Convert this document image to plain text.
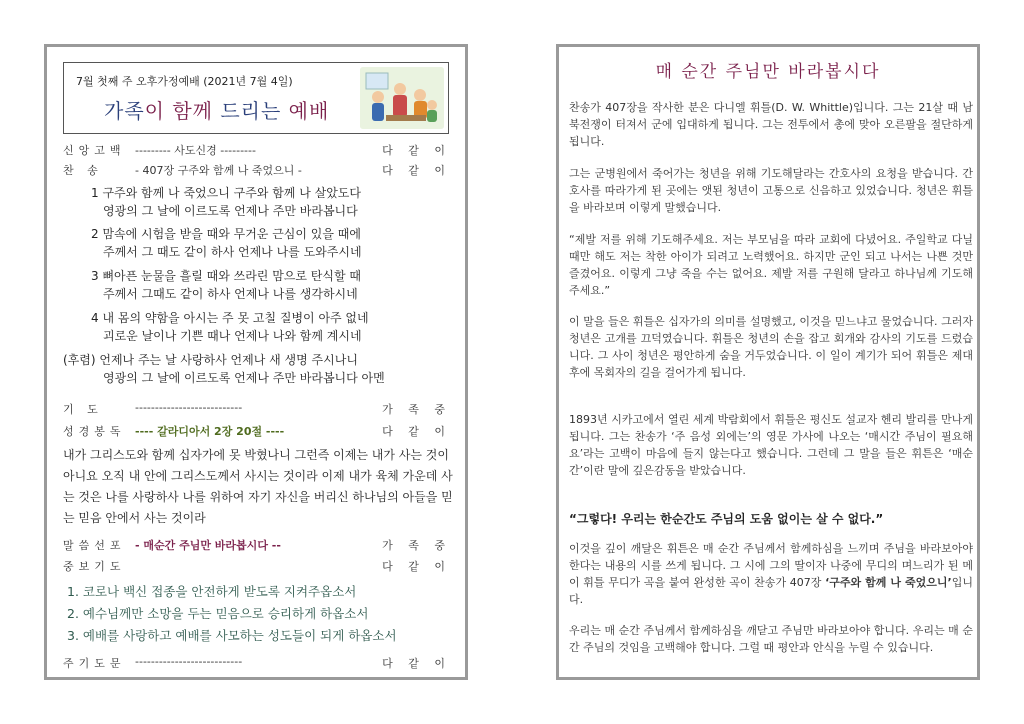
7월 첫째 주 오후가정예배 (2021년 7월 4일)
가족이 함께 드리는 예배
신앙고백 --------- 사도신경 ---------	다 같 이
찬 송	- 407장 구주와 함께 나 죽었으니 -	다 같 이
1 구주와 함께 나 죽었으니 구주와 함께 나 살았도다
영광의 그 날에 이르도록 언제나 주만 바라봅니다
2 맘속에 시험을 받을 때와 무거운 근심이 있을 때에
주께서 그 때도 같이 하사 언제나 나를 도와주시네
3 뼈아픈 눈물을 흘릴 때와 쓰라린 맘으로 탄식할 때
주께서 그때도 같이 하사 언제나 나를 생각하시네
4 내 몸의 약함을 아시는 주 못 고칠 질병이 아주 없네
괴로운 날이나 기쁜 때나 언제나 나와 함께 계시네
(후렴) 언제나 주는 날 사랑하사 언제나 새 생명 주시나니
영광의 그 날에 이르도록 언제나 주만 바라봅니다 아멘
기 도	---------------------------	가 족 중
성경봉독 ---- 갈라디아서 2장 20절 ----	다 같 이
내가 그리스도와 함께 십자가에 못 박혔나니 그런즉 이제는 내가 사는 것이 아니요 오직 내 안에 그리스도께서 사시는 것이라 이제 내가 육체 가운데 사는 것은 나를 사랑하사 나를 위하여 자기 자신을 버리신 하나님의 아들을 믿는 믿음 안에서 사는 것이라
말씀선포 - 매순간 주님만 바라봅시다 --	가 족 중
중보기도	다 같 이
1. 코로나 백신 접종을 안전하게 받도록 지켜주옵소서
2. 예수님께만 소망을 두는 믿음으로 승리하게 하옵소서
3. 예배를 사랑하고 예배를 사모하는 성도들이 되게 하옵소서
주기도문 ---------------------------	다 같 이
매 순간 주님만 바라봅시다
찬송가 407장을 작사한 분은 다니엘 휘틀(D. W. Whittle)입니다. 그는 21살 때 남북전쟁이 터져서 군에 입대하게 됩니다. 그는 전투에서 총에 맞아 오른팔을 절단하게 됩니다.
그는 군병원에서 죽어가는 청년을 위해 기도해달라는 간호사의 요청을 받습니다. 간호사를 따라가게 된 곳에는 앳된 청년이 고통으로 신음하고 있었습니다. 청년은 휘틀을 바라보며 이렇게 말했습니다.
“제발 저를 위해 기도해주세요. 저는 부모님을 따라 교회에 다녔어요. 주일학교 다닐 때만 해도 저는 착한 아이가 되려고 노력했어요. 하지만 군인 되고 나서는 나쁜 것만 즐겼어요. 이렇게 그냥 죽을 수는 없어요. 제발 저를 구원해 달라고 하나님께 기도해주세요.”
이 말을 들은 휘틀은 십자가의 의미를 설명했고, 이것을 믿느냐고 물었습니다. 그러자 청년은 고개를 끄덕였습니다. 휘틀은 청년의 손을 잡고 회개와 감사의 기도를 드렸습니다. 그 사이 청년은 평안하게 숨을 거두었습니다. 이 일이 계기가 되어 휘틀은 제대 후에 목회자의 길을 걸어가게 됩니다.
1893년 시카고에서 열린 세계 박람회에서 휘틀은 평신도 설교자 헨리 발리를 만나게 됩니다. 그는 찬송가 ‘주 음성 외에는’의 영문 가사에 나오는 ‘매시간 주님이 필요해요’라는 고백이 마음에 들지 않는다고 했습니다. 그런데 그 말을 들은 휘튼은 ‘매순간’이란 말에 깊은감동을 받았습니다.
“그렇다! 우리는 한순간도 주님의 도움 없이는 살 수 없다.”
이것을 깊이 깨달은 휘튼은 매 순간 주님께서 함께하심을 느끼며 주님을 바라보아야 한다는 내용의 시를 쓰게 됩니다. 그 시에 그의 딸이자 나중에 무디의 며느리가 된 메이 휘틀 무디가 곡을 붙여 완성한 곡이 찬송가 407장 ‘구주와 함께 나 죽었으니’입니다.
우리는 매 순간 주님께서 함께하심을 깨닫고 주님만 바라보아야 합니다. 우리는 매 순간 주님의 것임을 고백해야 합니다. 그럴 때 평안과 안식을 누릴 수 있습니다.
